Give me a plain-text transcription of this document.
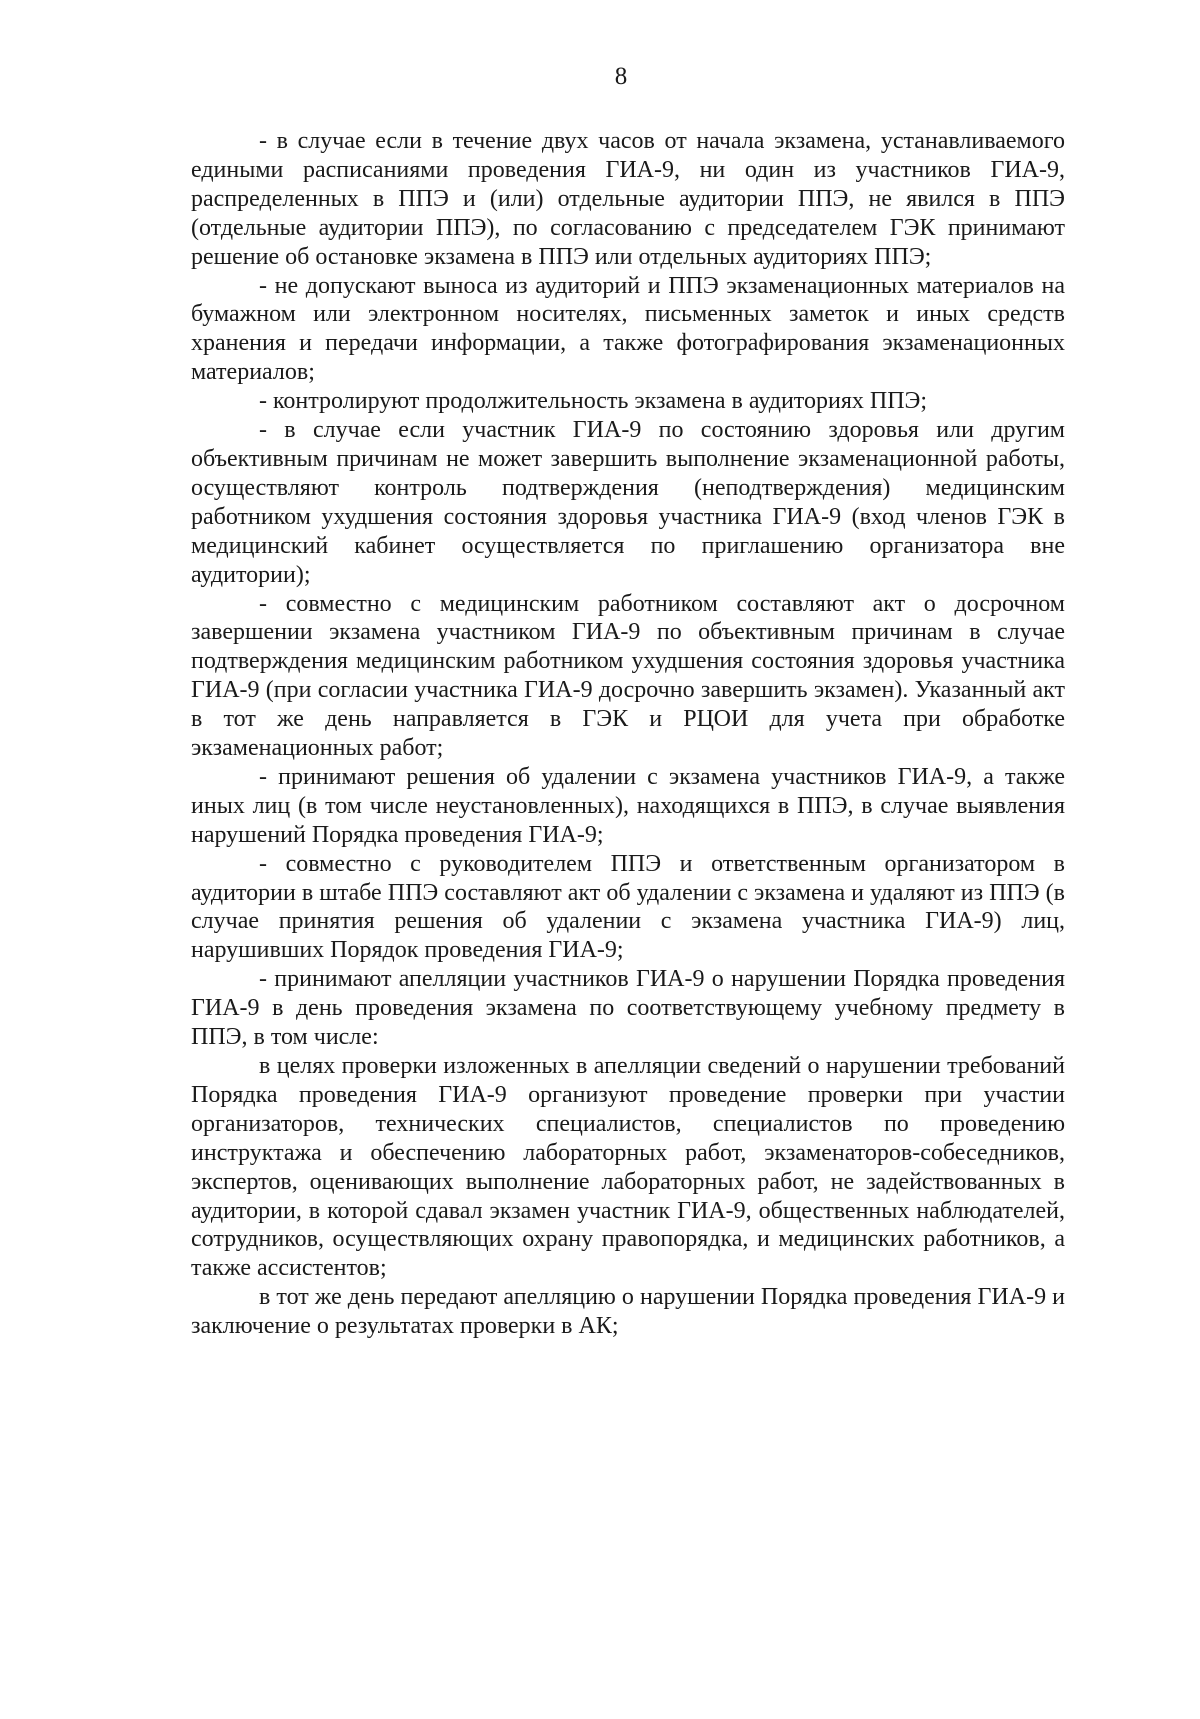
8

- в случае если в течение двух часов от начала экзамена, устанавливаемого едиными расписаниями проведения ГИА-9, ни один из участников ГИА-9, распределенных в ППЭ и (или) отдельные аудитории ППЭ, не явился в ППЭ (отдельные аудитории ППЭ), по согласованию с председателем ГЭК принимают решение об остановке экзамена в ППЭ или отдельных аудиториях ППЭ;

- не допускают выноса из аудиторий и ППЭ экзаменационных материалов на бумажном или электронном носителях, письменных заметок и иных средств хранения и передачи информации, а также фотографирования экзаменационных материалов;

- контролируют продолжительность экзамена в аудиториях ППЭ;

- в случае если участник ГИА-9 по состоянию здоровья или другим объективным причинам не может завершить выполнение экзаменационной работы, осуществляют контроль подтверждения (неподтверждения) медицинским работником ухудшения состояния здоровья участника ГИА-9 (вход членов ГЭК в медицинский кабинет осуществляется по приглашению организатора вне аудитории);

- совместно с медицинским работником составляют акт о досрочном завершении экзамена участником ГИА-9 по объективным причинам в случае подтверждения медицинским работником ухудшения состояния здоровья участника ГИА-9 (при согласии участника ГИА-9 досрочно завершить экзамен). Указанный акт в тот же день направляется в ГЭК и РЦОИ для учета при обработке экзаменационных работ;

- принимают решения об удалении с экзамена участников ГИА-9, а также иных лиц (в том числе неустановленных), находящихся в ППЭ, в случае выявления нарушений Порядка проведения ГИА-9;

- совместно с руководителем ППЭ и ответственным организатором в аудитории в штабе ППЭ составляют акт об удалении с экзамена и удаляют из ППЭ (в случае принятия решения об удалении с экзамена участника ГИА-9) лиц, нарушивших Порядок проведения ГИА-9;

- принимают апелляции участников ГИА-9 о нарушении Порядка проведения ГИА-9 в день проведения экзамена по соответствующему учебному предмету в ППЭ, в том числе:

в целях проверки изложенных в апелляции сведений о нарушении требований Порядка проведения ГИА-9 организуют проведение проверки при участии организаторов, технических специалистов, специалистов по проведению инструктажа и обеспечению лабораторных работ, экзаменаторов-собеседников, экспертов, оценивающих выполнение лабораторных работ, не задействованных в аудитории, в которой сдавал экзамен участник ГИА-9, общественных наблюдателей, сотрудников, осуществляющих охрану правопорядка, и медицинских работников, а также ассистентов;

в тот же день передают апелляцию о нарушении Порядка проведения ГИА-9 и заключение о результатах проверки в АК;
